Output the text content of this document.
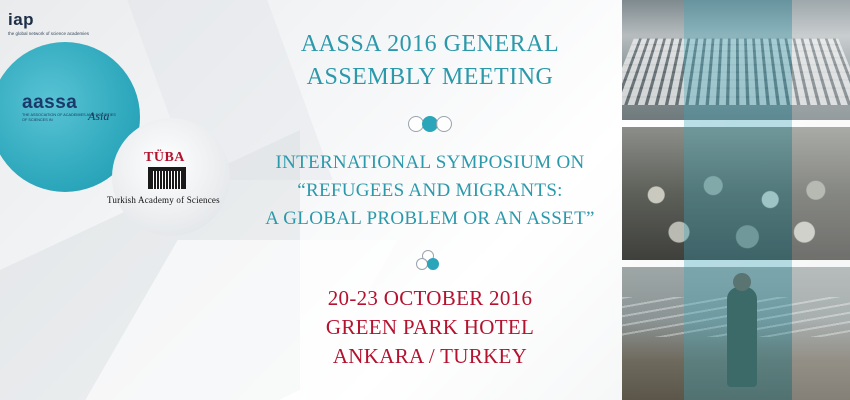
iap
the global network of science academies
aassa
THE ASSOCIATION OF ACADEMIES AND SOCIETIES OF SCIENCES IN	Asia
TÜBA
Turkish Academy of Sciences
AASSA 2016 GENERAL
ASSEMBLY MEETING
INTERNATIONAL SYMPOSIUM ON
“REFUGEES AND MIGRANTS:
A GLOBAL PROBLEM OR AN ASSET”
20-23 OCTOBER 2016
GREEN PARK HOTEL
ANKARA / TURKEY
